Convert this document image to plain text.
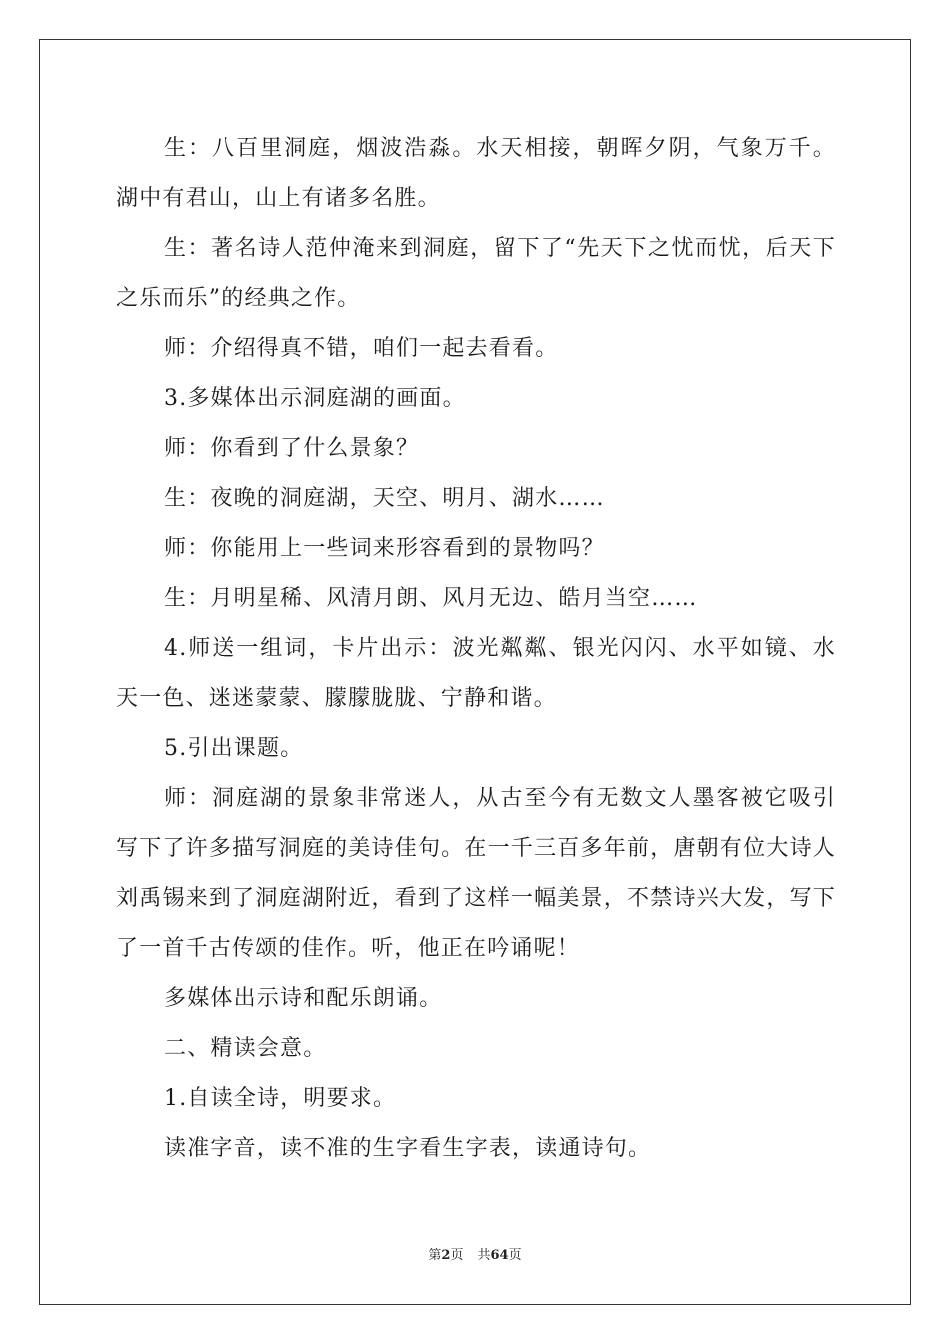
生：八百里洞庭，烟波浩淼。水天相接，朝晖夕阴，气象万千。湖中有君山，山上有诸多名胜。

生：著名诗人范仲淹来到洞庭，留下了“先天下之忧而忧，后天下之乐而乐”的经典之作。

师：介绍得真不错，咱们一起去看看。

3.多媒体出示洞庭湖的画面。

师：你看到了什么景象？

生：夜晚的洞庭湖，天空、明月、湖水……

师：你能用上一些词来形容看到的景物吗？

生：月明星稀、风清月朗、风月无边、皓月当空……

4.师送一组词，卡片出示：波光粼粼、银光闪闪、水平如镜、水天一色、迷迷蒙蒙、朦朦胧胧、宁静和谐。

5.引出课题。

师：洞庭湖的景象非常迷人，从古至今有无数文人墨客被它吸引写下了许多描写洞庭的美诗佳句。在一千三百多年前，唐朝有位大诗人刘禹锡来到了洞庭湖附近，看到了这样一幅美景，不禁诗兴大发，写下了一首千古传颂的佳作。听，他正在吟诵呢！

多媒体出示诗和配乐朗诵。

二、精读会意。

1.自读全诗，明要求。

读准字音，读不准的生字看生字表，读通诗句。

第2页 共64页
